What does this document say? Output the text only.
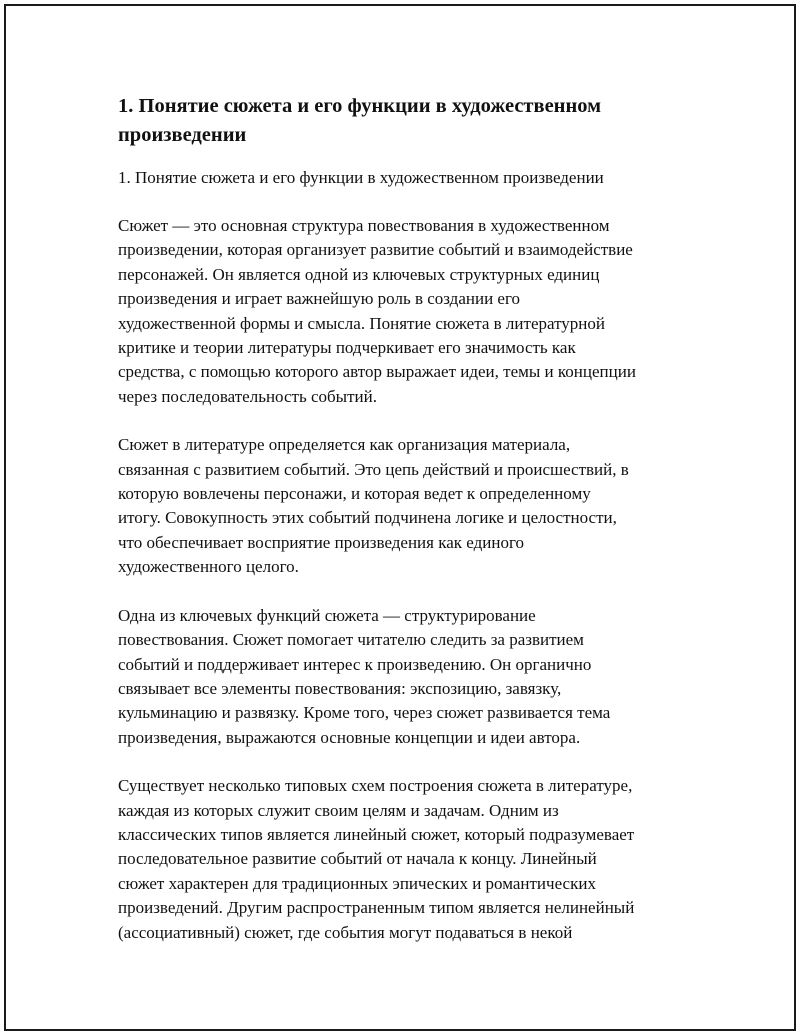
1. Понятие сюжета и его функции в художественном
произведении

1. Понятие сюжета и его функции в художественном произведении

Сюжет — это основная структура повествования в художественном
произведении, которая организует развитие событий и взаимодействие
персонажей. Он является одной из ключевых структурных единиц
произведения и играет важнейшую роль в создании его
художественной формы и смысла. Понятие сюжета в литературной
критике и теории литературы подчеркивает его значимость как
средства, с помощью которого автор выражает идеи, темы и концепции
через последовательность событий.

Сюжет в литературе определяется как организация материала,
связанная с развитием событий. Это цепь действий и происшествий, в
которую вовлечены персонажи, и которая ведет к определенному
итогу. Совокупность этих событий подчинена логике и целостности,
что обеспечивает восприятие произведения как единого
художественного целого.

Одна из ключевых функций сюжета — структурирование
повествования. Сюжет помогает читателю следить за развитием
событий и поддерживает интерес к произведению. Он органично
связывает все элементы повествования: экспозицию, завязку,
кульминацию и развязку. Кроме того, через сюжет развивается тема
произведения, выражаются основные концепции и идеи автора.

Существует несколько типовых схем построения сюжета в литературе,
каждая из которых служит своим целям и задачам. Одним из
классических типов является линейный сюжет, который подразумевает
последовательное развитие событий от начала к концу. Линейный
сюжет характерен для традиционных эпических и романтических
произведений. Другим распространенным типом является нелинейный
(ассоциативный) сюжет, где события могут подаваться в некой
